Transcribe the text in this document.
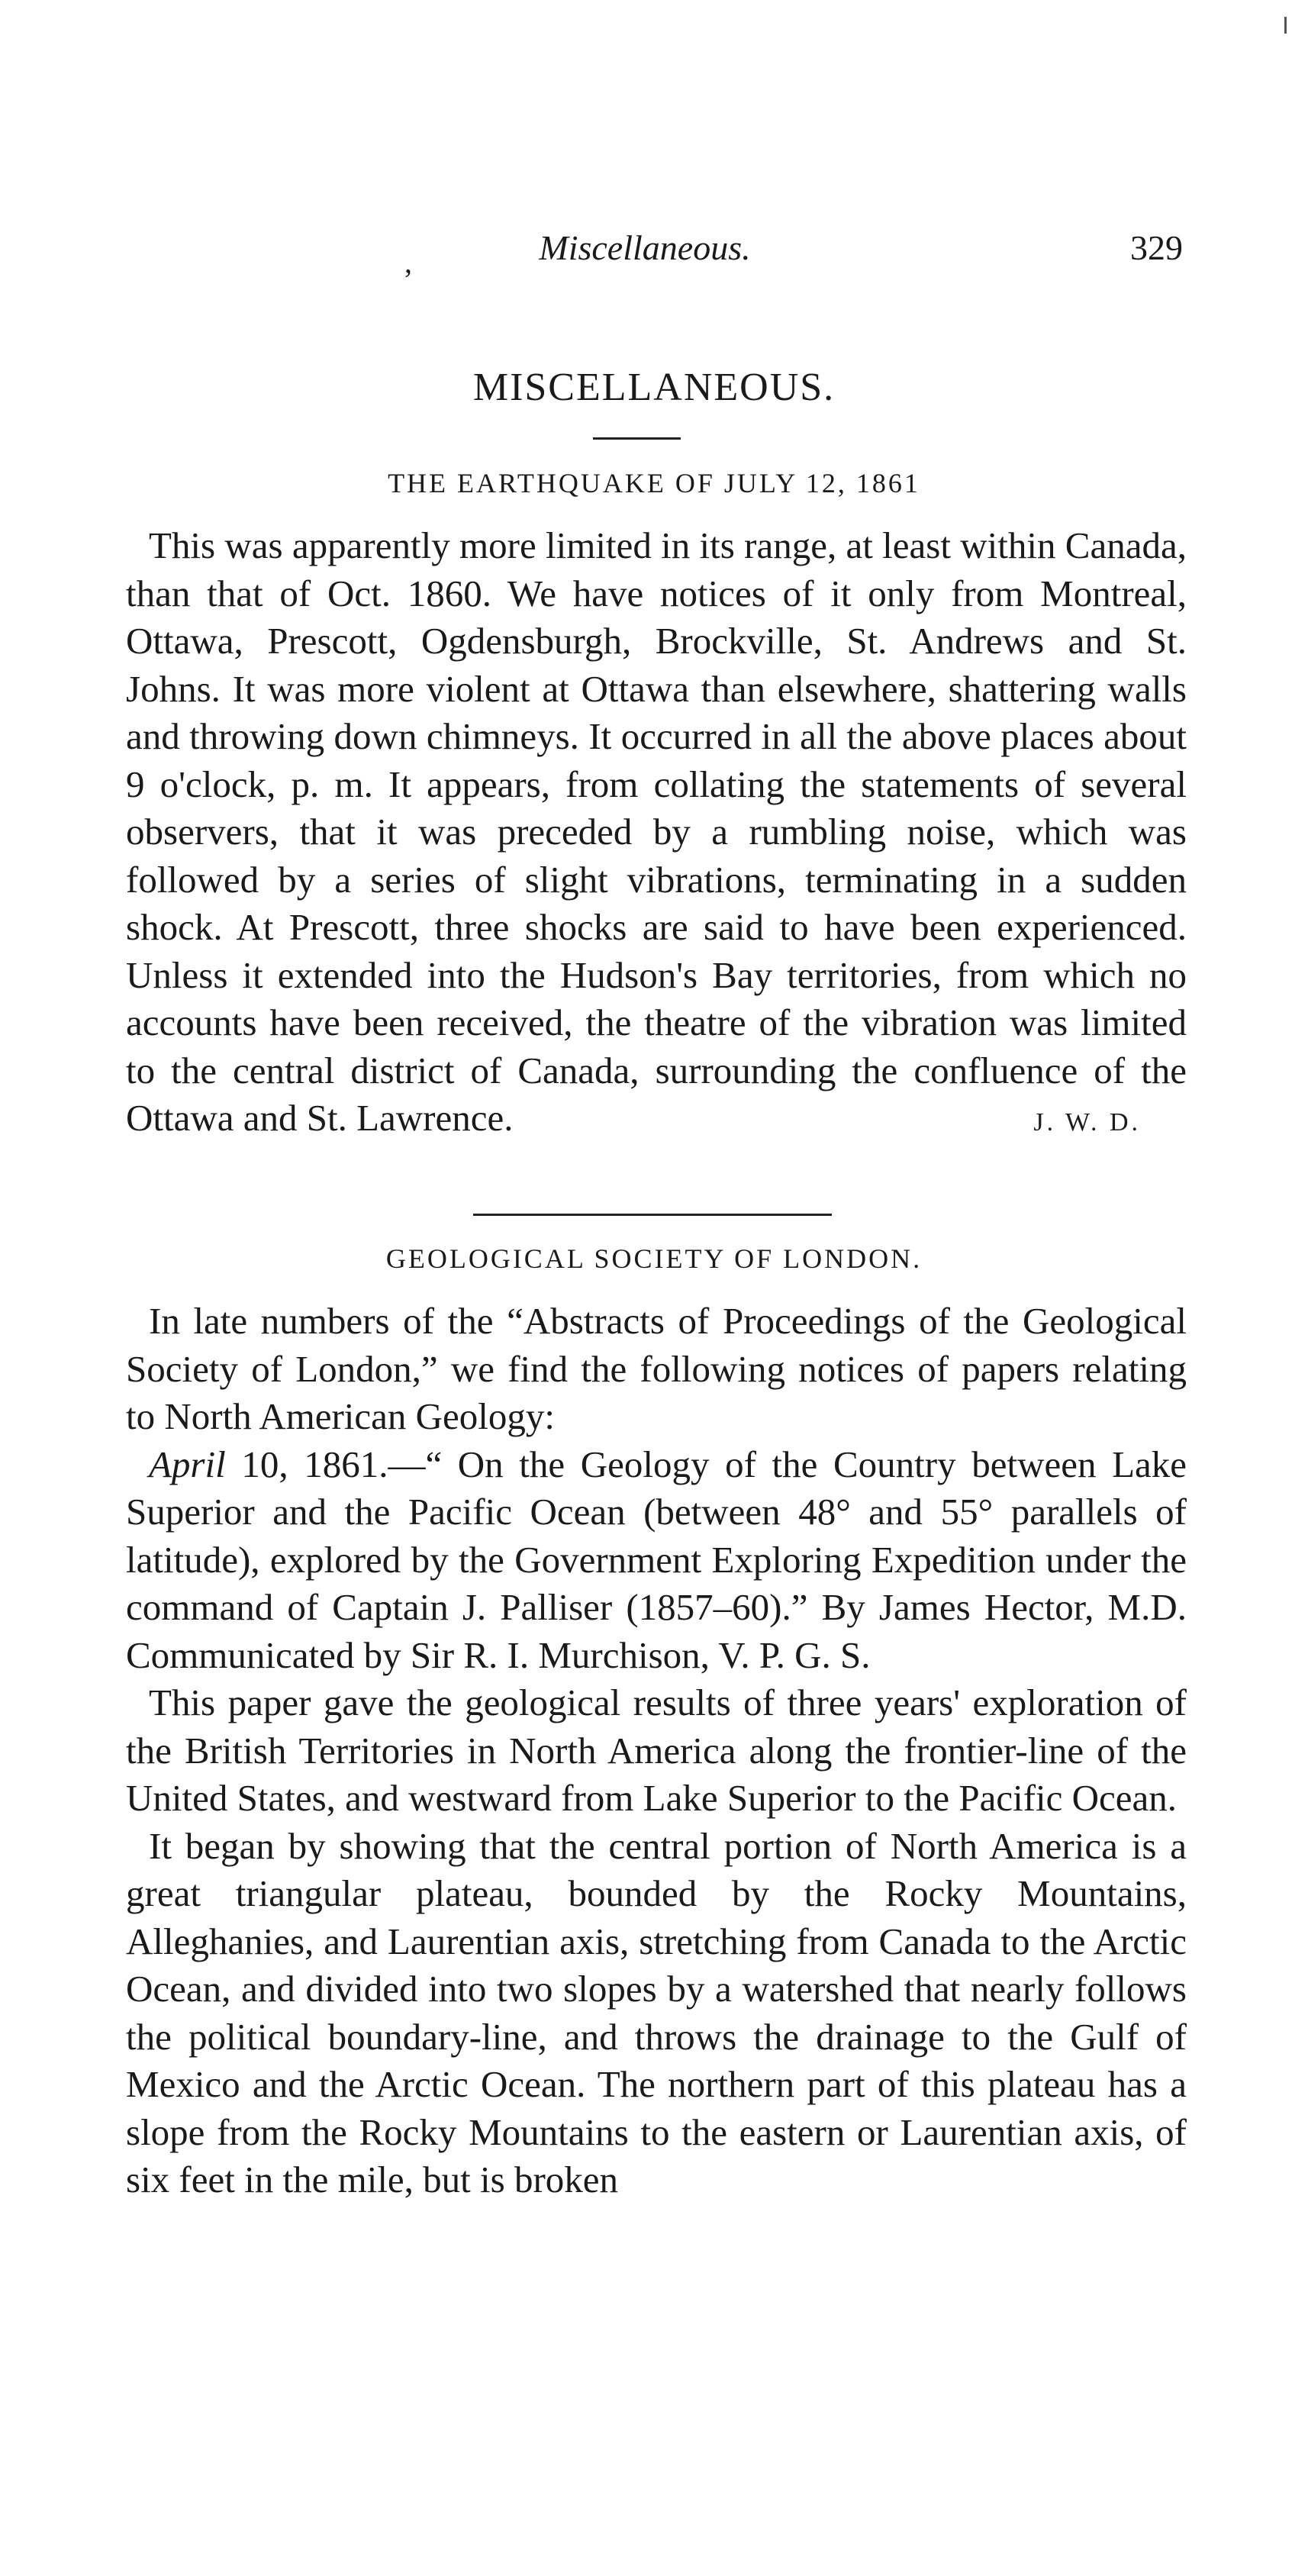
,	Miscellaneous.	329
MISCELLANEOUS.
THE EARTHQUAKE OF JULY 12, 1861

This was apparently more limited in its range, at least within Canada, than that of Oct. 1860. We have notices of it only from Montreal, Ottawa, Prescott, Ogdensburgh, Brockville, St. Andrews and St. Johns. It was more violent at Ottawa than elsewhere, shattering walls and throwing down chimneys. It occurred in all the above places about 9 o'clock, p. m. It appears, from collating the statements of several observers, that it was preceded by a rumbling noise, which was followed by a series of slight vibrations, terminating in a sudden shock. At Prescott, three shocks are said to have been experienced. Unless it extended into the Hudson's Bay territories, from which no accounts have been received, the theatre of the vibration was limited to the central district of Canada, surrounding the confluence of the Ottawa and St. Lawrence.	J. W. D.

GEOLOGICAL SOCIETY OF LONDON.

In late numbers of the “Abstracts of Proceedings of the Geological Society of London,” we find the following notices of papers relating to North American Geology:

April 10, 1861.—“ On the Geology of the Country between Lake Superior and the Pacific Ocean (between 48° and 55° parallels of latitude), explored by the Government Exploring Expedition under the command of Captain J. Palliser (1857–60).” By James Hector, M.D. Communicated by Sir R. I. Murchison, V. P. G. S.

This paper gave the geological results of three years' exploration of the British Territories in North America along the frontier-line of the United States, and westward from Lake Superior to the Pacific Ocean.

It began by showing that the central portion of North America is a great triangular plateau, bounded by the Rocky Mountains, Alleghanies, and Laurentian axis, stretching from Canada to the Arctic Ocean, and divided into two slopes by a watershed that nearly follows the political boundary-line, and throws the drainage to the Gulf of Mexico and the Arctic Ocean. The northern part of this plateau has a slope from the Rocky Mountains to the eastern or Laurentian axis, of six feet in the mile, but is broken
